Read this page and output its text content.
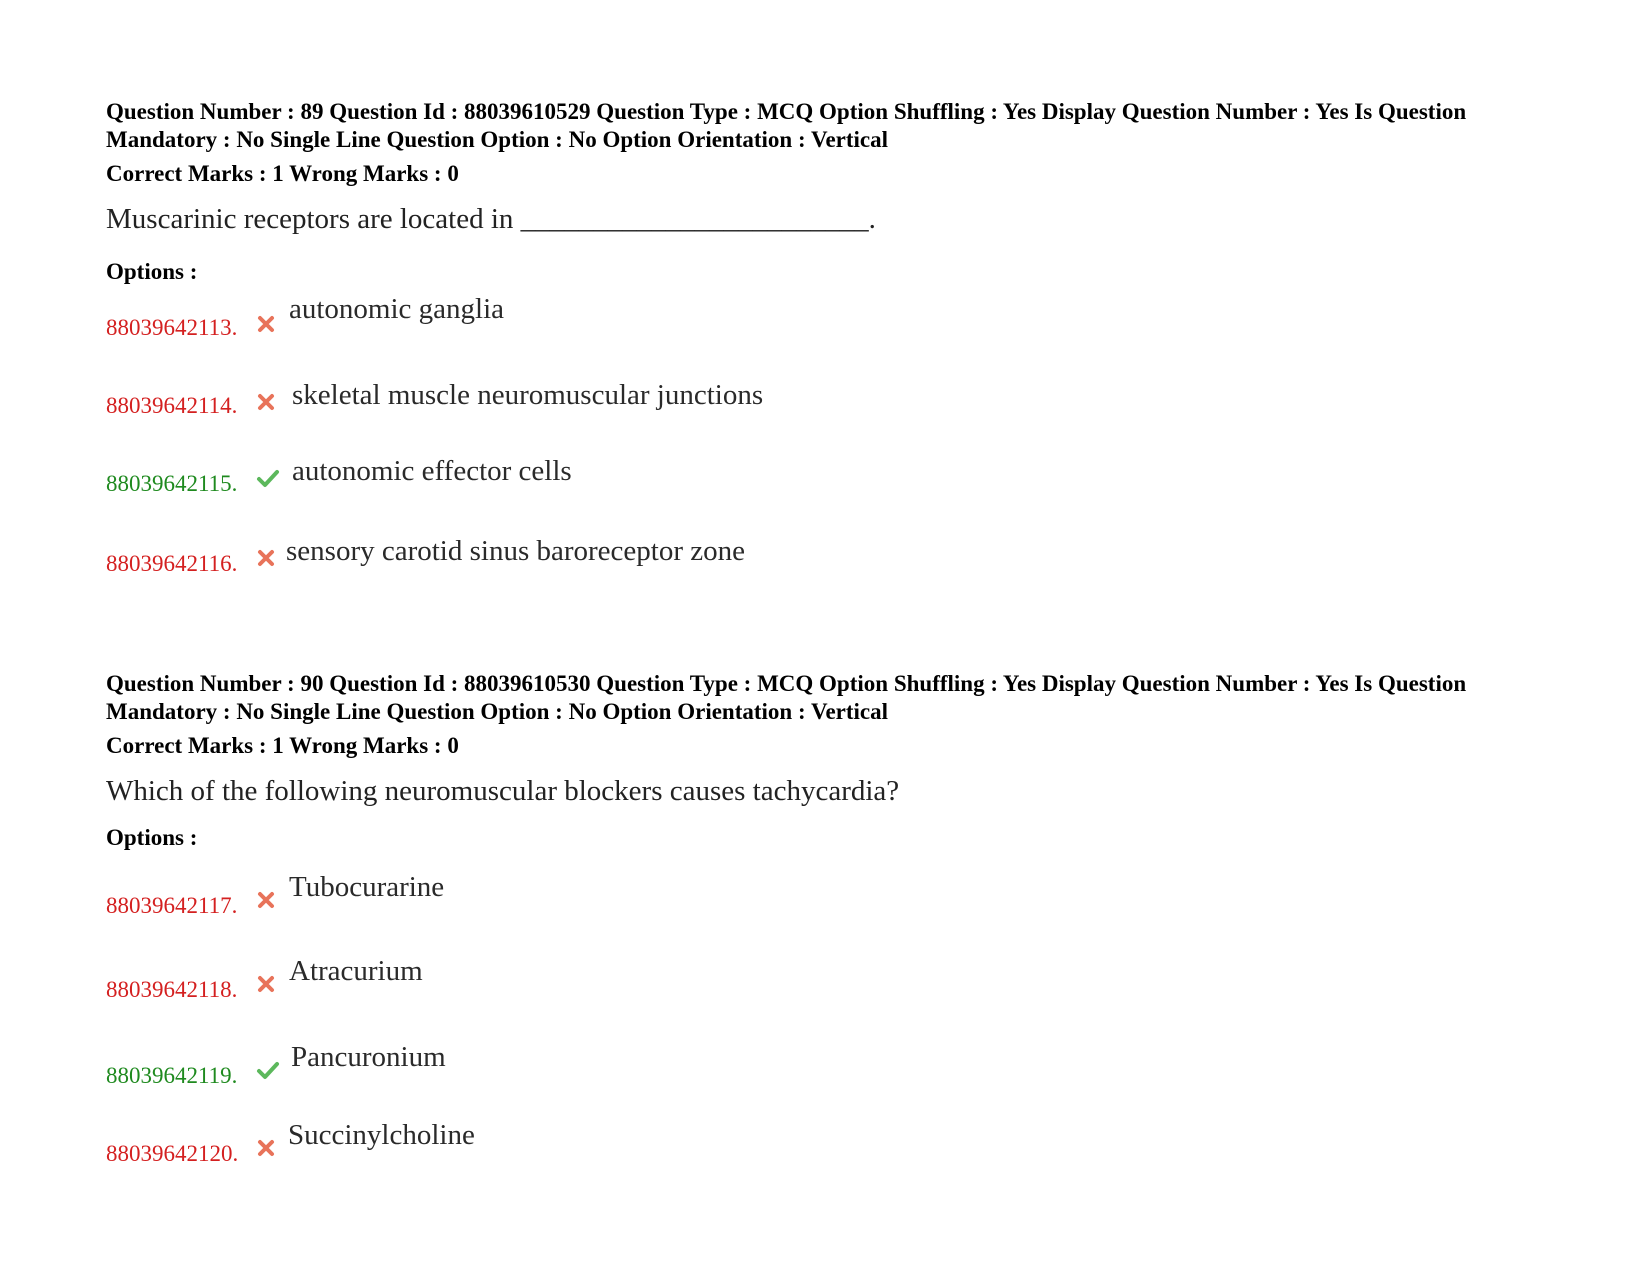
Question Number : 89 Question Id : 88039610529 Question Type : MCQ Option Shuffling : Yes Display Question Number : Yes Is Question Mandatory : No Single Line Question Option : No Option Orientation : Vertical
Correct Marks : 1 Wrong Marks : 0
Muscarinic receptors are located in ________________________.
Options :
88039642113.
autonomic ganglia
88039642114. skeletal muscle neuromuscular junctions
88039642115. autonomic effector cells
88039642116. sensory carotid sinus baroreceptor zone
Question Number : 90 Question Id : 88039610530 Question Type : MCQ Option Shuffling : Yes Display Question Number : Yes Is Question Mandatory : No Single Line Question Option : No Option Orientation : Vertical
Correct Marks : 1 Wrong Marks : 0
Which of the following neuromuscular blockers causes tachycardia?
Options :
88039642117.
Tubocurarine
88039642118.
Atracurium
88039642119.
Pancuronium
88039642120.
Succinylcholine
